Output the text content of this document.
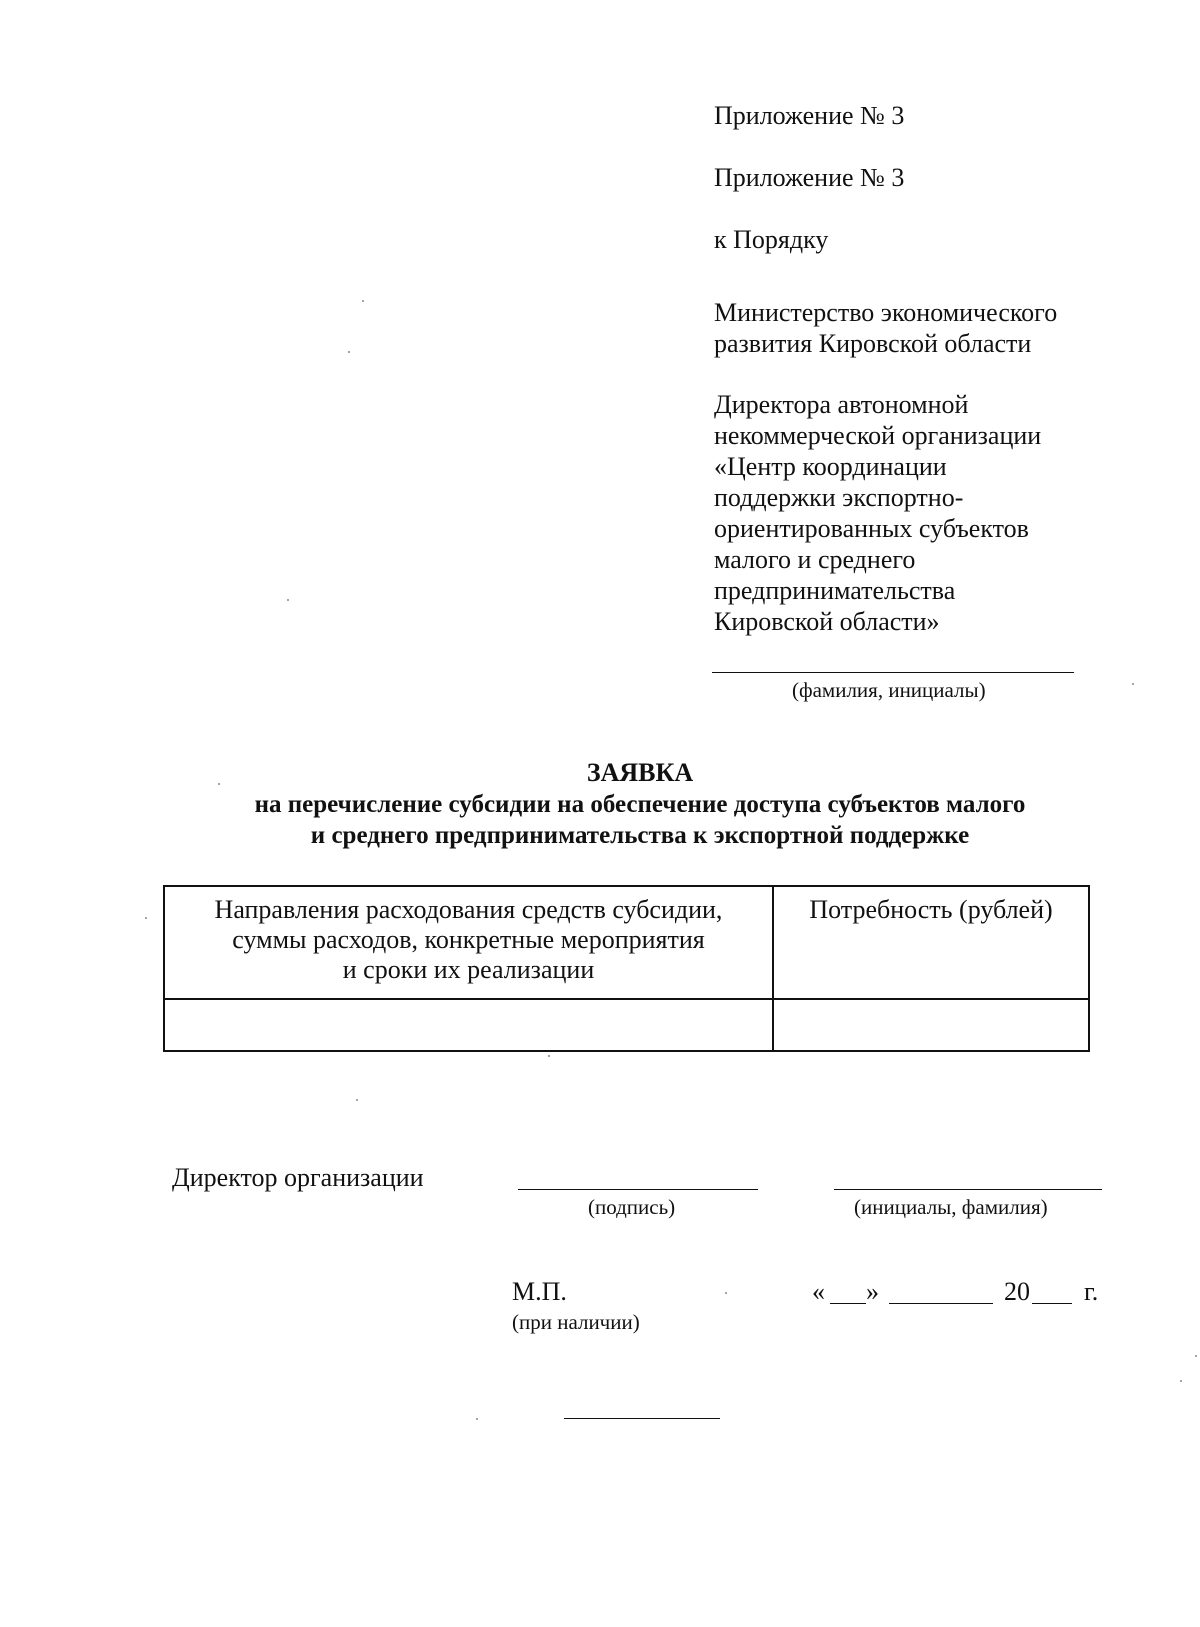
Приложение № 3
Приложение № 3
к Порядку
Министерство экономического
развития Кировской области
Директора автономной
некоммерческой организации
«Центр координации
поддержки экспортно-
ориентированных субъектов
малого и среднего
предпринимательства
Кировской области»
(фамилия, инициалы)
ЗАЯВКА
на перечисление субсидии на обеспечение доступа субъектов малого
и среднего предпринимательства к экспортной поддержке
Направления расходования средств субсидии,
суммы расходов, конкретные мероприятия
и сроки их реализации	Потребность (рублей)

Директор организации
(подпись)	(инициалы, фамилия)
М.П.
(при наличии)
« »	20 г.
